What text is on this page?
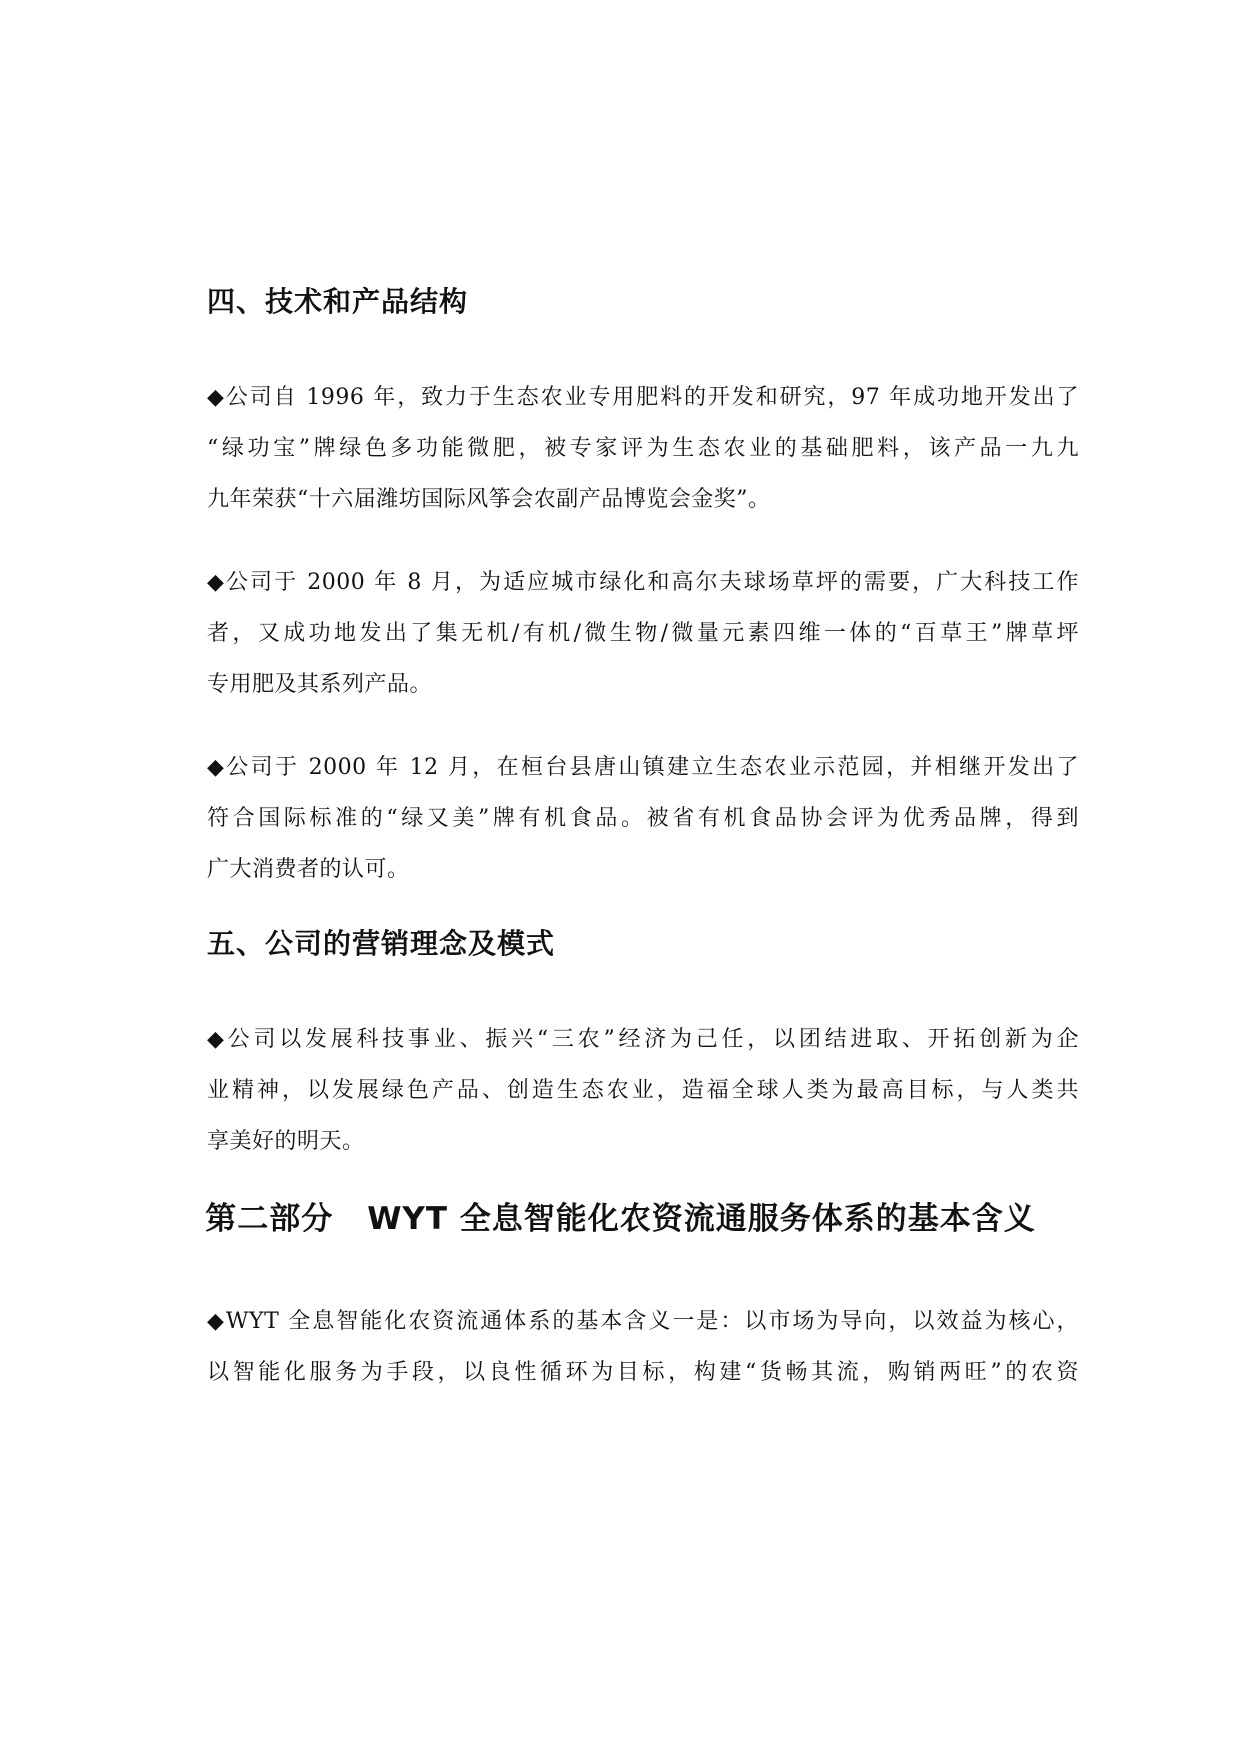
四、技术和产品结构
◆公司自 1996 年，致力于生态农业专用肥料的开发和研究，97 年成功地开发出了
“绿功宝”牌绿色多功能微肥，被专家评为生态农业的基础肥料，该产品一九九
九年荣获“十六届潍坊国际风筝会农副产品博览会金奖”。
◆公司于 2000 年 8 月，为适应城市绿化和高尔夫球场草坪的需要，广大科技工作
者，又成功地发出了集无机/有机/微生物/微量元素四维一体的“百草王”牌草坪
专用肥及其系列产品。
◆公司于 2000 年 12 月，在桓台县唐山镇建立生态农业示范园，并相继开发出了
符合国际标准的“绿又美”牌有机食品。被省有机食品协会评为优秀品牌，得到
广大消费者的认可。
五、公司的营销理念及模式
◆公司以发展科技事业、振兴“三农”经济为己任，以团结进取、开拓创新为企
业精神，以发展绿色产品、创造生态农业，造福全球人类为最高目标，与人类共
享美好的明天。
第二部分 WYT 全息智能化农资流通服务体系的基本含义
◆WYT 全息智能化农资流通体系的基本含义一是：以市场为导向，以效益为核心，
以智能化服务为手段，以良性循环为目标，构建“货畅其流，购销两旺”的农资
